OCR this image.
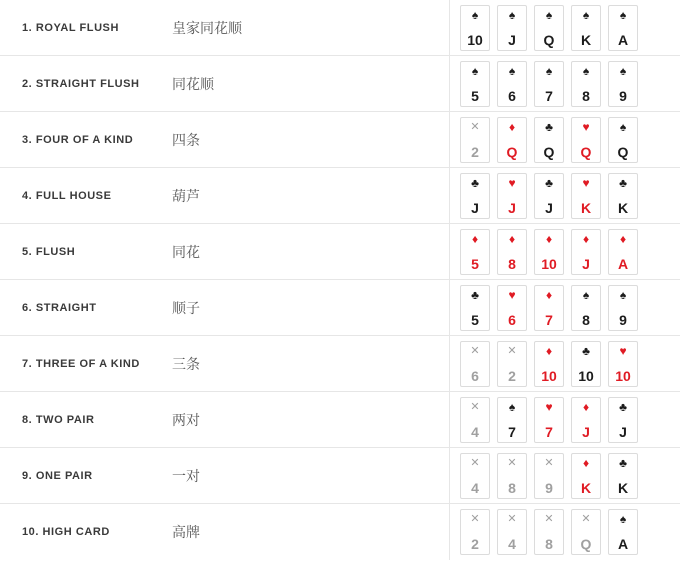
1. ROYAL FLUSH	皇家同花顺
♠
10
♠
J
♠
Q
♠
K
♠
A
2. STRAIGHT FLUSH	同花顺
♠
5
♠
6
♠
7
♠
8
♠
9
3. FOUR OF A KIND	四条
✕
2
♦
Q
♣
Q
♥
Q
♠
Q
4. FULL HOUSE	葫芦
♣
J
♥
J
♣
J
♥
K
♣
K
5. FLUSH	同花
♦
5
♦
8
♦
10
♦
J
♦
A
6. STRAIGHT	顺子
♣
5
♥
6
♦
7
♠
8
♠
9
7. THREE OF A KIND	三条
✕
6
✕
2
♦
10
♣
10
♥
10
8. TWO PAIR	两对
✕
4
♠
7
♥
7
♦
J
♣
J
9. ONE PAIR	一对
✕
4
✕
8
✕
9
♦
K
♣
K
10. HIGH CARD	高牌
✕
2
✕
4
✕
8
✕
Q
♠
A
